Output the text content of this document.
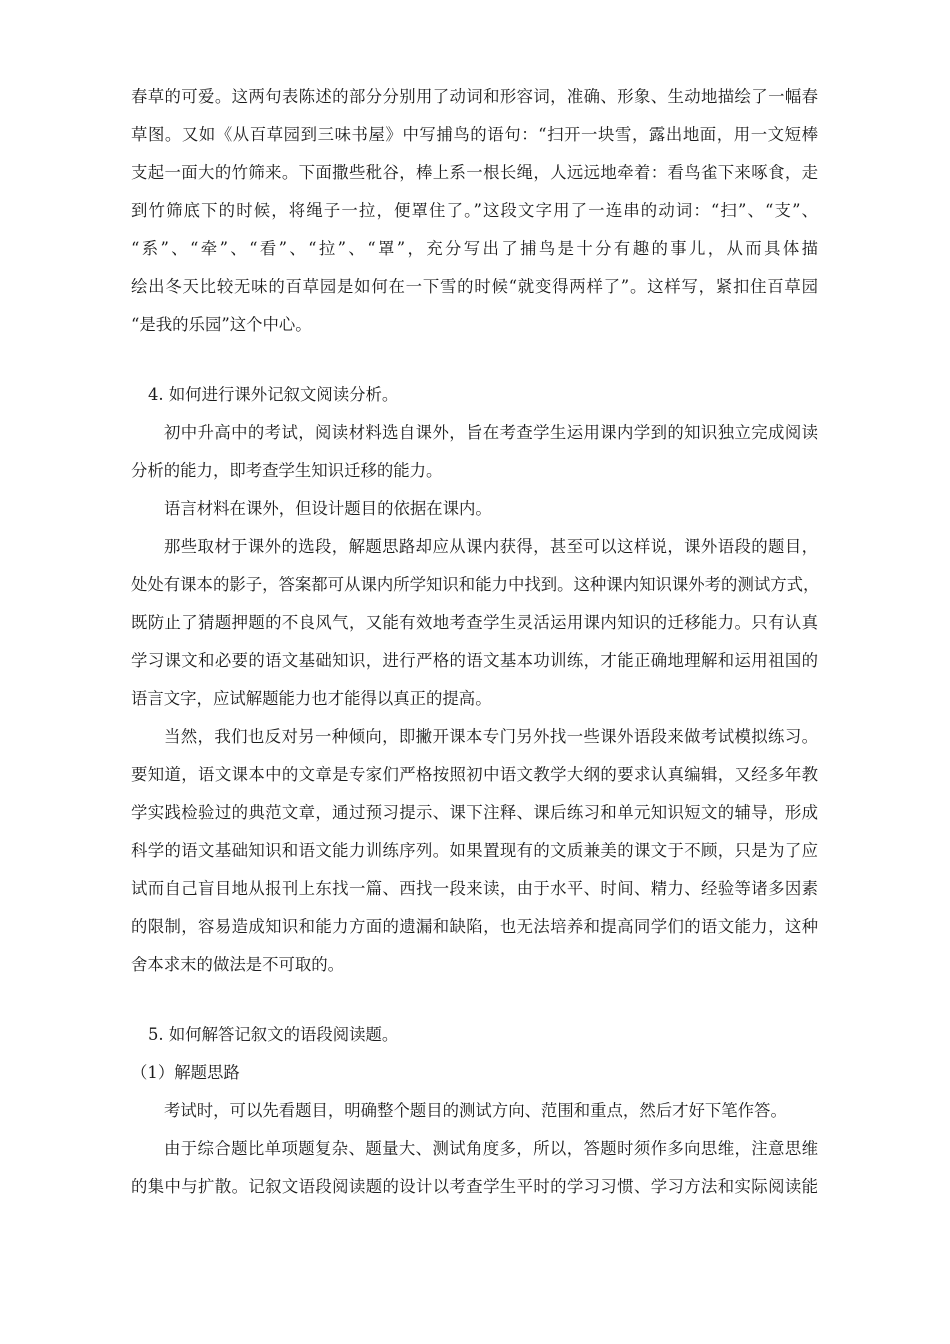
春草的可爱。这两句表陈述的部分分别用了动词和形容词，准确、形象、生动地描绘了一幅春
草图。又如《从百草园到三味书屋》中写捕鸟的语句：“扫开一块雪，露出地面，用一文短棒
支起一面大的竹筛来。下面撒些秕谷，棒上系一根长绳，人远远地牵着：看鸟雀下来啄食，走
到竹筛底下的时候，将绳子一拉，便罩住了。”这段文字用了一连串的动词：“扫”、“支”、
“系”、“牵”、“看”、“拉”、“罩”，充分写出了捕鸟是十分有趣的事儿，从而具体描
绘出冬天比较无味的百草园是如何在一下雪的时候“就变得两样了”。这样写，紧扣住百草园
“是我的乐园”这个中心。
4. 如何进行课外记叙文阅读分析。
初中升高中的考试，阅读材料选自课外，旨在考查学生运用课内学到的知识独立完成阅读
分析的能力，即考查学生知识迁移的能力。
语言材料在课外，但设计题目的依据在课内。
那些取材于课外的选段，解题思路却应从课内获得，甚至可以这样说，课外语段的题目，
处处有课本的影子，答案都可从课内所学知识和能力中找到。这种课内知识课外考的测试方式，
既防止了猜题押题的不良风气，又能有效地考查学生灵活运用课内知识的迁移能力。只有认真
学习课文和必要的语文基础知识，进行严格的语文基本功训练，才能正确地理解和运用祖国的
语言文字，应试解题能力也才能得以真正的提高。
当然，我们也反对另一种倾向，即撇开课本专门另外找一些课外语段来做考试模拟练习。
要知道，语文课本中的文章是专家们严格按照初中语文教学大纲的要求认真编辑，又经多年教
学实践检验过的典范文章，通过预习提示、课下注释、课后练习和单元知识短文的辅导，形成
科学的语文基础知识和语文能力训练序列。如果置现有的文质兼美的课文于不顾，只是为了应
试而自己盲目地从报刊上东找一篇、西找一段来读，由于水平、时间、精力、经验等诸多因素
的限制，容易造成知识和能力方面的遗漏和缺陷，也无法培养和提高同学们的语文能力，这种
舍本求末的做法是不可取的。
5. 如何解答记叙文的语段阅读题。
（1）解题思路
考试时，可以先看题目，明确整个题目的测试方向、范围和重点，然后才好下笔作答。
由于综合题比单项题复杂、题量大、测试角度多，所以，答题时须作多向思维，注意思维
的集中与扩散。记叙文语段阅读题的设计以考查学生平时的学习习惯、学习方法和实际阅读能
